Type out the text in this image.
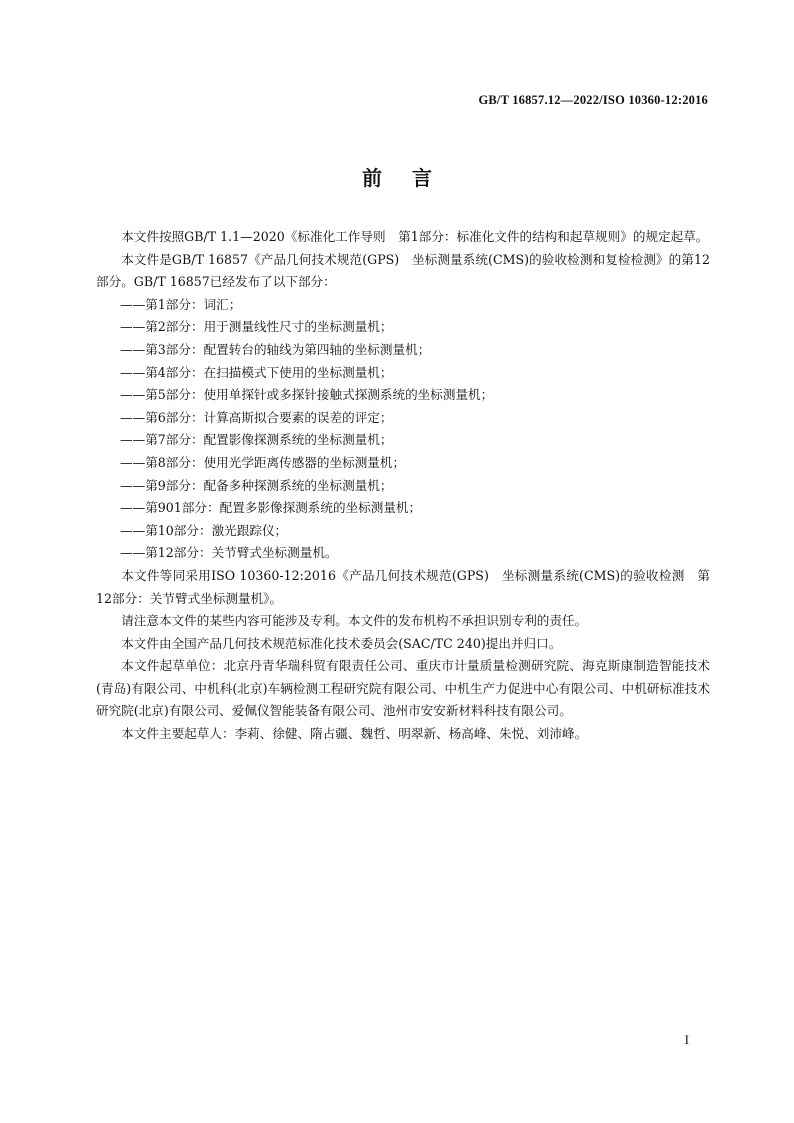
GB/T 16857.12—2022/ISO 10360-12:2016
前言

本文件按照GB/T 1.1—2020《标准化工作导则　第1部分：标准化文件的结构和起草规则》的规定起草。

本文件是GB/T 16857《产品几何技术规范(GPS)　坐标测量系统(CMS)的验收检测和复检检测》的第12部分。GB/T 16857已经发布了以下部分：

——第1部分：词汇；
——第2部分：用于测量线性尺寸的坐标测量机；
——第3部分：配置转台的轴线为第四轴的坐标测量机；
——第4部分：在扫描模式下使用的坐标测量机；
——第5部分：使用单探针或多探针接触式探测系统的坐标测量机；
——第6部分：计算高斯拟合要素的误差的评定；
——第7部分：配置影像探测系统的坐标测量机；
——第8部分：使用光学距离传感器的坐标测量机；
——第9部分：配备多种探测系统的坐标测量机；
——第901部分：配置多影像探测系统的坐标测量机；
——第10部分：激光跟踪仪；
——第12部分：关节臂式坐标测量机。

本文件等同采用ISO 10360-12:2016《产品几何技术规范(GPS)　坐标测量系统(CMS)的验收检测　第12部分：关节臂式坐标测量机》。

请注意本文件的某些内容可能涉及专利。本文件的发布机构不承担识别专利的责任。

本文件由全国产品几何技术规范标准化技术委员会(SAC/TC 240)提出并归口。

本文件起草单位：北京丹青华瑞科贸有限责任公司、重庆市计量质量检测研究院、海克斯康制造智能技术(青岛)有限公司、中机科(北京)车辆检测工程研究院有限公司、中机生产力促进中心有限公司、中机研标准技术研究院(北京)有限公司、爱佩仪智能装备有限公司、池州市安安新材料科技有限公司。

本文件主要起草人：李莉、徐健、隋占疆、魏哲、明翠新、杨高峰、朱悦、刘沛峰。

I
